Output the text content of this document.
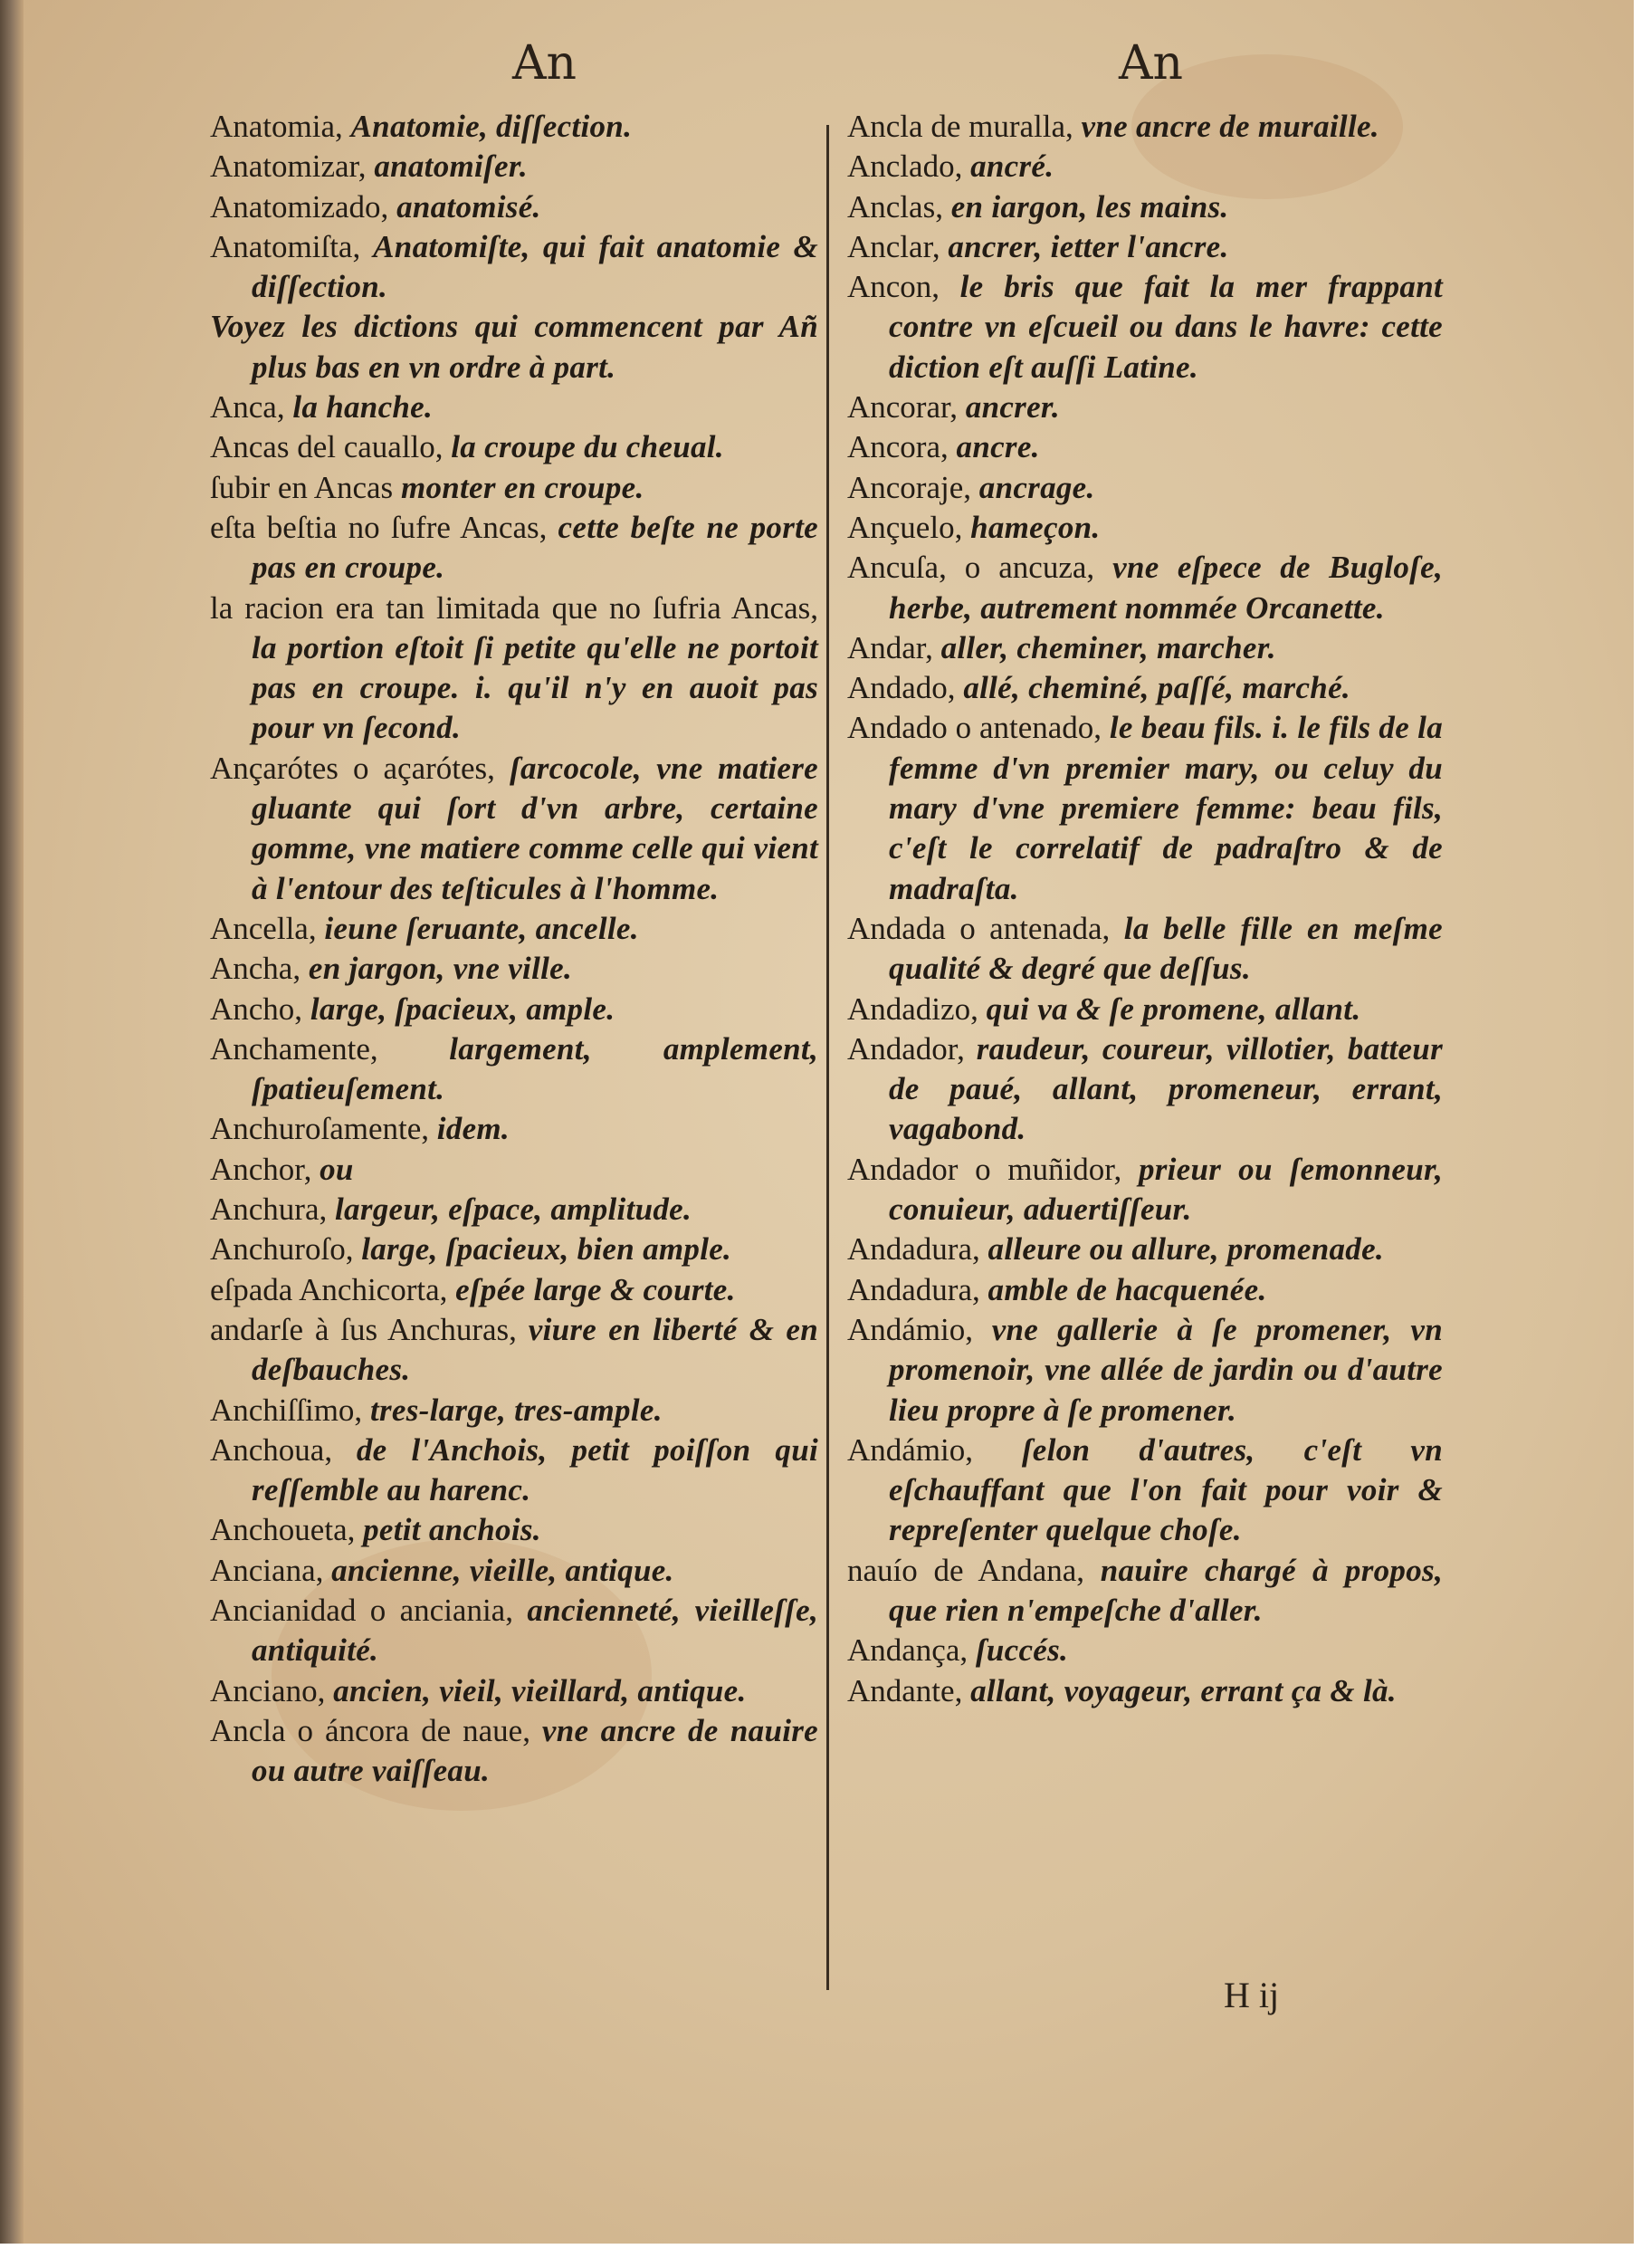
An	An
Anatomia, Anatomie, diſſection.
Anatomizar, anatomiſer.
Anatomizado, anatomisé.
Anatomiſta, Anatomiſte, qui fait anatomie & diſſection.
Voyez les dictions qui commencent par Añ plus bas en vn ordre à part.
Anca, la hanche.
Ancas del cauallo, la croupe du cheual.
ſubir en Ancas monter en croupe.
eſta beſtia no ſufre Ancas, cette beſte ne porte pas en croupe.
la racion era tan limitada que no ſufria Ancas, la portion eſtoit ſi petite qu'elle ne portoit pas en croupe. i. qu'il n'y en auoit pas pour vn ſecond.
Ançarótes o açarótes, ſarcocole, vne matiere gluante qui ſort d'vn arbre, certaine gomme, vne matiere comme celle qui vient à l'entour des teſticules à l'homme.
Ancella, ieune ſeruante, ancelle.
Ancha, en jargon, vne ville.
Ancho, large, ſpacieux, ample.
Anchamente, largement, amplement, ſpatieuſement.
Anchuroſamente, idem.
Anchor, ou
Anchura, largeur, eſpace, amplitude.
Anchuroſo, large, ſpacieux, bien ample.
eſpada Anchicorta, eſpée large & courte.
andarſe à ſus Anchuras, viure en liberté & en deſbauches.
Anchiſſimo, tres-large, tres-ample.
Anchoua, de l'Anchois, petit poiſſon qui reſſemble au harenc.
Anchoueta, petit anchois.
Anciana, ancienne, vieille, antique.
Ancianidad o anciania, ancienneté, vieilleſſe, antiquité.
Anciano, ancien, vieil, vieillard, antique.
Ancla o áncora de naue, vne ancre de nauire ou autre vaiſſeau.
Ancla de muralla, vne ancre de muraille.
Anclado, ancré.
Anclas, en iargon, les mains.
Anclar, ancrer, ietter l'ancre.
Ancon, le bris que fait la mer frappant contre vn eſcueil ou dans le havre: cette diction eſt auſſi Latine.
Ancorar, ancrer.
Ancora, ancre.
Ancoraje, ancrage.
Ançuelo, hameçon.
Ancuſa, o ancuza, vne eſpece de Bugloſe, herbe, autrement nommée Orcanette.
Andar, aller, cheminer, marcher.
Andado, allé, cheminé, paſſé, marché.
Andado o antenado, le beau fils. i. le fils de la femme d'vn premier mary, ou celuy du mary d'vne premiere femme: beau fils, c'eſt le correlatif de padraſtro & de madraſta.
Andada o antenada, la belle fille en meſme qualité & degré que deſſus.
Andadizo, qui va & ſe promene, allant.
Andador, raudeur, coureur, villotier, batteur de paué, allant, promeneur, errant, vagabond.
Andador o muñidor, prieur ou ſemonneur, conuieur, aduertiſſeur.
Andadura, alleure ou allure, promenade.
Andadura, amble de hacquenée.
Andámio, vne gallerie à ſe promener, vn promenoir, vne allée de jardin ou d'autre lieu propre à ſe promener.
Andámio, ſelon d'autres, c'eſt vn eſchauffant que l'on fait pour voir & repreſenter quelque choſe.
nauío de Andana, nauire chargé à propos, que rien n'empeſche d'aller.
Andança, ſuccés.
Andante, allant, voyageur, errant ça & là.
H ij
